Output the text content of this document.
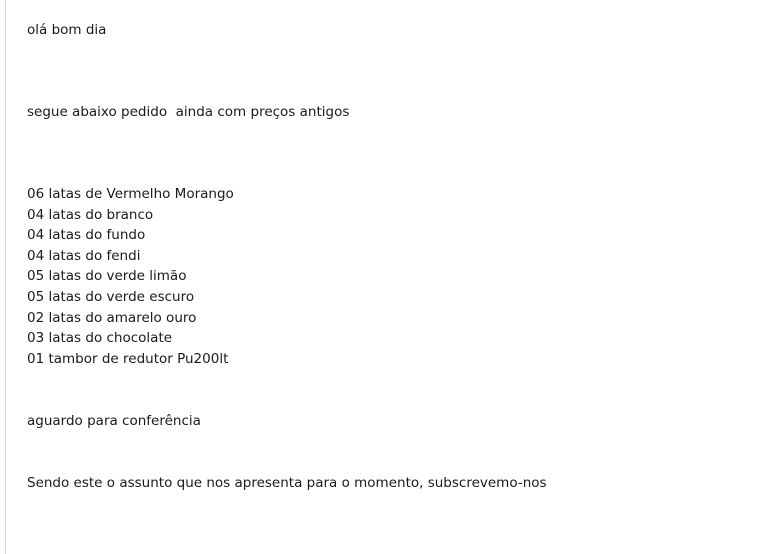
olá bom dia
segue abaixo pedido  ainda com preços antigos
06 latas de Vermelho Morango
04 latas do branco
04 latas do fundo
04 latas do fendi
05 latas do verde limão
05 latas do verde escuro
02 latas do amarelo ouro
03 latas do chocolate
01 tambor de redutor Pu200lt
aguardo para conferência
Sendo este o assunto que nos apresenta para o momento, subscrevemo-nos
